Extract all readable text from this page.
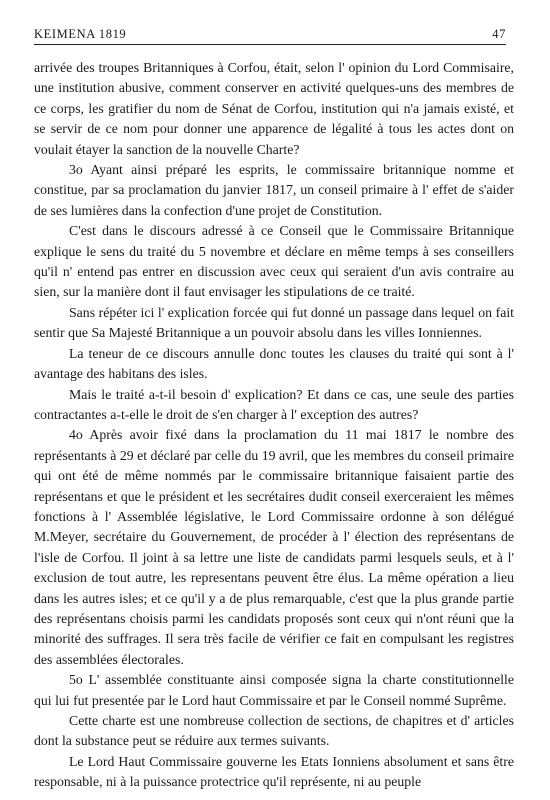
KEIMENA 1819	47

arrivée des troupes Britanniques à Corfou, était, selon l' opinion du Lord Commisaire, une institution abusive, comment conserver en activité quelques-uns des membres de ce corps, les gratifier du nom de Sénat de Corfou, institution qui n'a jamais existé, et se servir de ce nom pour donner une apparence de légalité à tous les actes dont on voulait étayer la sanction de la nouvelle Charte?

3o Ayant ainsi préparé les esprits, le commissaire britannique nomme et constitue, par sa proclamation du janvier 1817, un conseil primaire à l' effet de s'aider de ses lumières dans la confection d'une projet de Constitution.

C'est dans le discours adressé à ce Conseil que le Commissaire Britannique explique le sens du traité du 5 novembre et déclare en même temps à ses conseillers qu'il n' entend pas entrer en discussion avec ceux qui seraient d'un avis contraire au sien, sur la manière dont il faut envisager les stipulations de ce traité.

Sans répéter ici l' explication forcée qui fut donné un passage dans lequel on fait sentir que Sa Majesté Britannique a un pouvoir absolu dans les villes Ionniennes.

La teneur de ce discours annulle donc toutes les clauses du traité qui sont à l' avantage des habitans des isles.

Mais le traité a-t-il besoin d' explication? Et dans ce cas, une seule des parties contractantes a-t-elle le droit de s'en charger à l' exception des autres?

4o Après avoir fixé dans la proclamation du 11 mai 1817 le nombre des représentants à 29 et déclaré par celle du 19 avril, que les membres du conseil primaire qui ont été de même nommés par le commissaire britannique faisaient partie des représentans et que le président et les secrétaires dudit conseil exerceraient les mêmes fonctions à l' Assemblée législative, le Lord Commissaire ordonne à son délégué M.Meyer, secrétaire du Gouvernement, de procéder à l' élection des représentans de l'isle de Corfou. Il joint à sa lettre une liste de candidats parmi lesquels seuls, et à l' exclusion de tout autre, les representans peuvent être élus. La même opération a lieu dans les autres isles; et ce qu'il y a de plus remarquable, c'est que la plus grande partie des représentans choisis parmi les candidats proposés sont ceux qui n'ont réuni que la minorité des suffrages. Il sera très facile de vérifier ce fait en compulsant les registres des assemblées électorales.

5o L' assemblée constituante ainsi composée signa la charte constitutionnelle qui lui fut presentée par le Lord haut Commissaire et par le Conseil nommé Suprême.

Cette charte est une nombreuse collection de sections, de chapitres et d' articles dont la substance peut se réduire aux termes suivants.

Le Lord Haut Commissaire gouverne les Etats Ionniens absolument et sans être responsable, ni à la puissance protectrice qu'il représente, ni au peuple
